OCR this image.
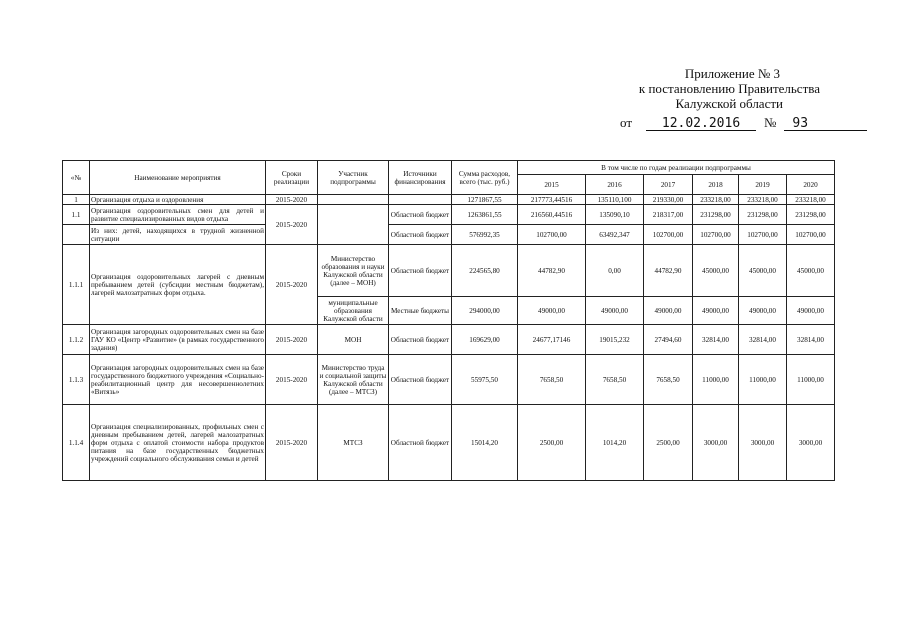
Приложение № 3
к постановлению Правительства
Калужской области
от 12.02.2016 № 93
«№	Наименование мероприятия	Сроки реализации	Участник подпрограммы	Источники финансирования	Сумма расходов, всего (тыс. руб.)	В том числе по годам реализации подпрограммы					
						2015	2016	2017	2018	2019	2020
1	Организация отдыха и оздоровления	2015-2020			1271867,55	217773,44516	135110,100	219330,00	233218,00	233218,00	233218,00
1.1	Организация оздоровительных смен для детей и развитие специализированных видов отдыха	2015-2020		Областной бюджет	1263861,55	216560,44516	135090,10	218317,00	231298,00	231298,00	231298,00
	Из них: детей, находящихся в трудной жизненной ситуации			Областной бюджет	576992,35	102700,00	63492,347	102700,00	102700,00	102700,00	102700,00
1.1.1	Организация оздоровительных лагерей с дневным пребыванием детей (субсидии местным бюджетам), лагерей малозатратных форм отдыха.	2015-2020	Министерство образования и науки Калужской области (далее – МОН)	Областной бюджет	224565,80	44782,90	0,00	44782,90	45000,00	45000,00	45000,00
			муниципальные образования Калужской области	Местные бюджеты	294000,00	49000,00	49000,00	49000,00	49000,00	49000,00	49000,00
1.1.2	Организация загородных оздоровительных смен на базе ГАУ КО «Центр «Развитие» (в рамках государственного задания)	2015-2020	МОН	Областной бюджет	169629,00	24677,17146	19015,232	27494,60	32814,00	32814,00	32814,00
1.1.3	Организация загородных оздоровительных смен на базе государственного бюджетного учреждения «Социально-реабилитационный центр для несовершеннолетних «Витязь»	2015-2020	Министерство труда и социальной защиты Калужской области (далее – МТСЗ)	Областной бюджет	55975,50	7658,50	7658,50	7658,50	11000,00	11000,00	11000,00
1.1.4	Организация специализированных, профильных смен с дневным пребыванием детей, лагерей малозатратных форм отдыха с оплатой стоимости набора продуктов питания на базе государственных бюджетных учреждений социального обслуживания семьи и детей	2015-2020	МТСЗ	Областной бюджет	15014,20	2500,00	1014,20	2500,00	3000,00	3000,00	3000,00
